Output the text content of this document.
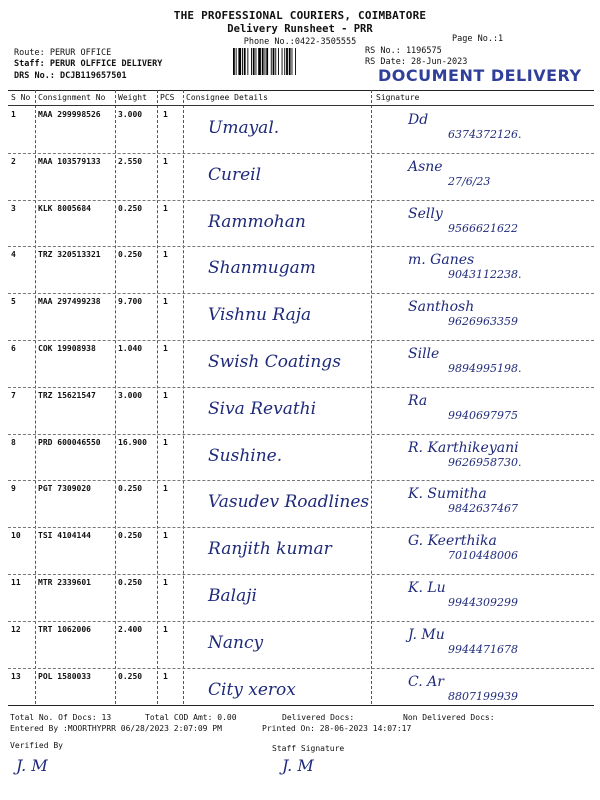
THE PROFESSIONAL COURIERS, COIMBATORE
Delivery Runsheet - PRR
Phone No.:0422-3505555	Page No.:1
Route: PERUR OFFICE
Staff: PERUR OLFFICE DELIVERY
DRS No.: DCJB119657501
RS No.: 1196575
RS Date: 28-Jun-2023
DOCUMENT DELIVERY
S No Consignment No Weight PCS Consignee Details	Signature
1	MAA 299998526 3.000	1
Umayal.	Dd
6374372126.
2	MAA 103579133 2.550	1
Cureil	Asne
27/6/23
3	KLK 8005684	0.250	1
Rammohan	Selly
9566621622
4	TRZ 320513321 0.250	1
Shanmugam	m. Ganes
9043112238.
5	MAA 297499238 9.700	1
Vishnu Raja	Santhosh
9626963359
6	COK 19908938	1.040	1
Swish Coatings	Sille
9894995198.
7	TRZ 15621547	3.000	1
Siva Revathi	Ra
9940697975
8	PRD 600046550 16.900 1
Sushine.	R. Karthikeyani
9626958730.
9	PGT 7309020	0.250	1
Vasudev Roadlines	K. Sumitha
9842637467
10 TSI 4104144	0.250	1
Ranjith kumar	G. Keerthika
7010448006
11 MTR 2339601	0.250	1
Balaji	K. Lu
9944309299
12 TRT 1062006	2.400	1
Nancy	J. Mu
9944471678
13 POL 1580033	0.250	1
City xerox	C. Ar
8807199939
Total No. Of Docs: 13	Total COD Amt: 0.00	Delivered Docs:	Non Delivered Docs:
Entered By :MOORTHYPRR 06/28/2023 2:07:09 PM	Printed On: 28-06-2023 14:07:17
Verified By	Staff Signature
J. M	J. M
